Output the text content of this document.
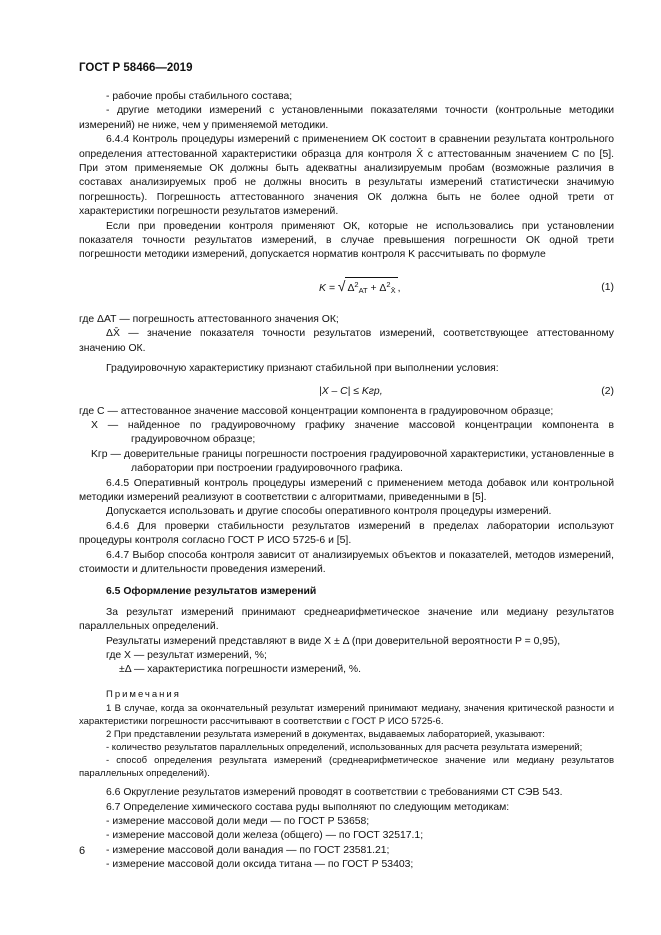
ГОСТ Р 58466—2019

- рабочие пробы стабильного состава;

- другие методики измерений с установленными показателями точности (контрольные методики измерений) не ниже, чем у применяемой методики.

6.4.4 Контроль процедуры измерений с применением ОК состоит в сравнении результата контрольного определения аттестованной характеристики образца для контроля X̄ с аттестованным значением C по [5]. При этом применяемые ОК должны быть адекватны анализируемым пробам (возможные различия в составах анализируемых проб не должны вносить в результаты измерений статистически значимую погрешность). Погрешность аттестованного значения ОК должна быть не более одной трети от характеристики погрешности результатов измерений.

Если при проведении контроля применяют ОК, которые не использовались при установлении показателя точности результатов измерений, в случае превышения погрешности ОК одной трети погрешности методики измерений, допускается норматив контроля K рассчитывать по формуле

K = √ $\Delta^2_{АТ} + \Delta^2_{X̄}$ ,	(1)

где ΔАТ — погрешность аттестованного значения ОК;

ΔX̄ — значение показателя точности результатов измерений, соответствующее аттестованному значению ОК.

Градуировочную характеристику признают стабильной при выполнении условия:

|X – C| ≤ Kгр,	(2)

где C — аттестованное значение массовой концентрации компонента в градуировочном образце;

X — найденное по градуировочному графику значение массовой концентрации компонента в градуировочном образце;

Kгр — доверительные границы погрешности построения градуировочной характеристики, установленные в лаборатории при построении градуировочного графика.

6.4.5 Оперативный контроль процедуры измерений с применением метода добавок или контрольной методики измерений реализуют в соответствии с алгоритмами, приведенными в [5].

Допускается использовать и другие способы оперативного контроля процедуры измерений.

6.4.6 Для проверки стабильности результатов измерений в пределах лаборатории используют процедуры контроля согласно ГОСТ Р ИСО 5725-6 и [5].

6.4.7 Выбор способа контроля зависит от анализируемых объектов и показателей, методов измерений, стоимости и длительности проведения измерений.

6.5 Оформление результатов измерений

За результат измерений принимают среднеарифметическое значение или медиану результатов параллельных определений.

Результаты измерений представляют в виде X ± Δ (при доверительной вероятности P = 0,95),

где X — результат измерений, %;

±Δ — характеристика погрешности измерений, %.

Примечания

1 В случае, когда за окончательный результат измерений принимают медиану, значения критической разности и характеристики погрешности рассчитывают в соответствии с ГОСТ Р ИСО 5725-6.

2 При представлении результата измерений в документах, выдаваемых лабораторией, указывают:

- количество результатов параллельных определений, использованных для расчета результата измерений;

- способ определения результата измерений (среднеарифметическое значение или медиану результатов параллельных определений).

6.6 Округление результатов измерений проводят в соответствии с требованиями СТ СЭВ 543.

6.7 Определение химического состава руды выполняют по следующим методикам:

- измерение массовой доли меди — по ГОСТ Р 53658;

- измерение массовой доли железа (общего) — по ГОСТ 32517.1;

- измерение массовой доли ванадия — по ГОСТ 23581.21;

- измерение массовой доли оксида титана — по ГОСТ Р 53403;

6
